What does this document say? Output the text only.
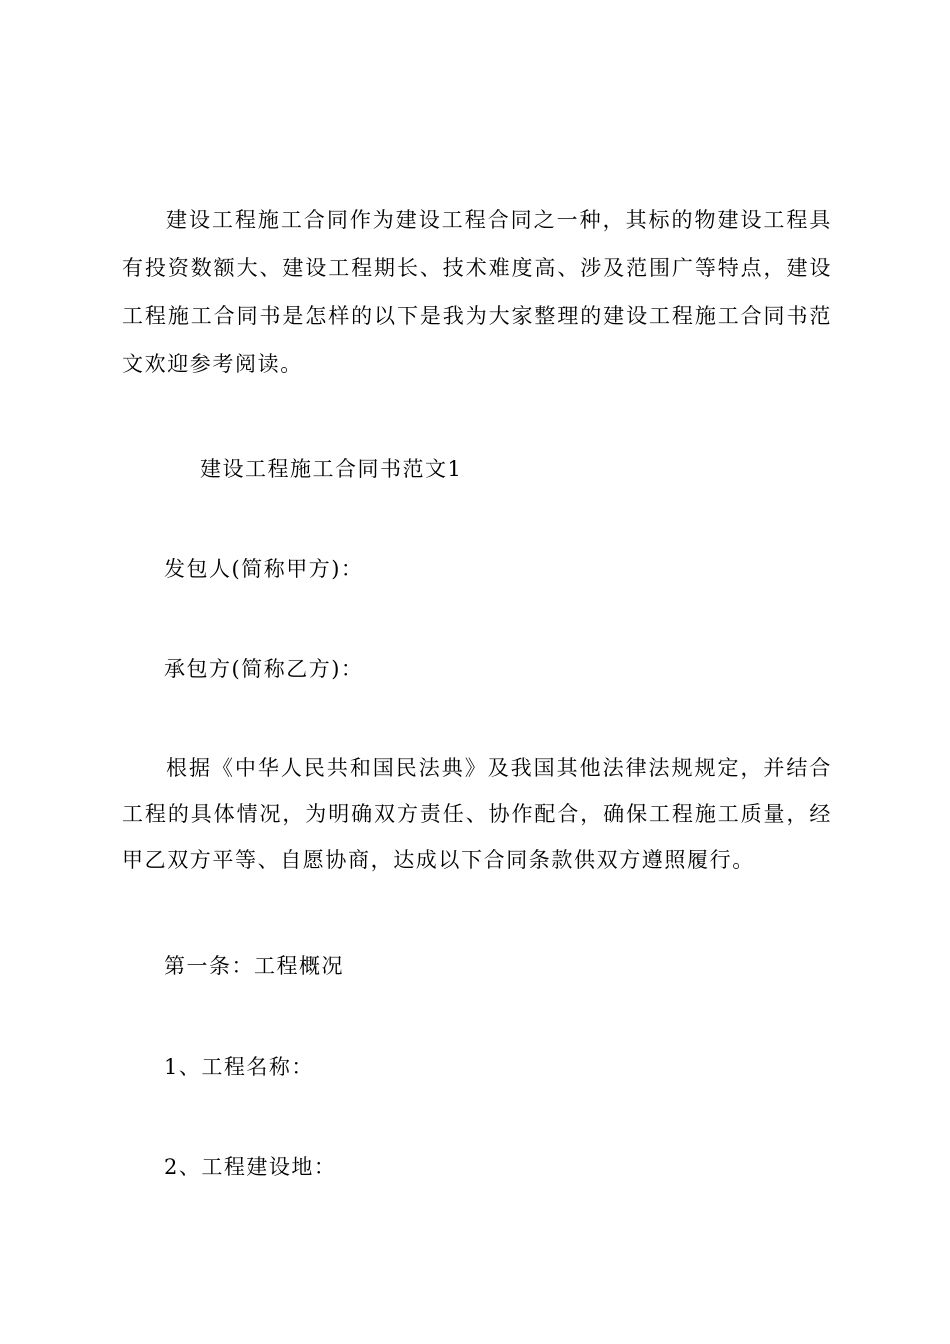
建设工程施工合同作为建设工程合同之一种，其标的物建设工程具有投资数额大、建设工程期长、技术难度高、涉及范围广等特点，建设工程施工合同书是怎样的以下是我为大家整理的建设工程施工合同书范文欢迎参考阅读。

建设工程施工合同书范文1

发包人(简称甲方)：

承包方(简称乙方)：

根据《中华人民共和国民法典》及我国其他法律法规规定，并结合工程的具体情况，为明确双方责任、协作配合，确保工程施工质量，经甲乙双方平等、自愿协商，达成以下合同条款供双方遵照履行。

第一条：工程概况

1、工程名称：

2、工程建设地：
